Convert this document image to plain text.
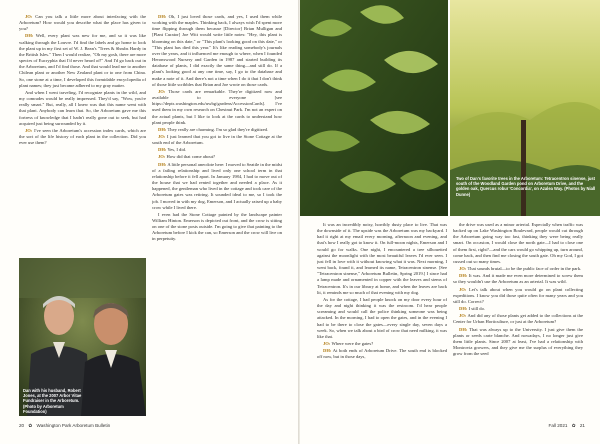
JO: Can you talk a little more about interfacing with the Arboretum? How would you describe what the place has given to you?

DH: Well, every plant was new for me, and so it was like walking through the Louvre. I'd find the labels and go home to look the plant up in my first set of W. J. Bean's "Trees & Shrubs Hardy in the British Isles." Then I would realize, "Oh my gosh, there are more species of Eucryphia that I'd never heard of!" And I'd go back out in the Arboretum, and I'd find those. And that would lead me to another Chilean plant or another New Zealand plant or to one from China. So, one stone at a time, I developed this formidable encyclopedia of plant names; they just became adhered to my gray matter.

And when I went traveling, I'd recognize plants in the wild, and my comrades would be really impressed. They'd say, "Wow, you're really smart." But, really, all I knew was that this name went with that plant. Anybody can learn that. So, the Arboretum gave me this fortress of knowledge that I hadn't really gone out to seek, but had acquired just being surrounded by it.

JO: I've seen the Arboretum's accession index cards, which are the sort of the life history of each plant in the collection. Did you ever use them?

DH: Oh, I just loved those cards, and yes, I used them while working with the maples. Thinking back, I always wish I'd spent more time flipping through them because [Director] Brian Mulligan and [Plant Curator] Joe Witt would write little notes: "Hey, this plant is blooming on this date," or "This plant's looking good on this date," or "This plant has died this year." It's like reading somebody's journals over the years, and it influenced me enough to where, when I founded Heronswood Nursery and Garden in 1987 and started building its database of plants, I did exactly the same thing—and still do. If a plant's looking good at any one time, say, I go to the database and make a note of it. And there's not a time when I do it that I don't think of those little scribbles that Brian and Joe wrote on those cards.

JO: Those cards are remarkable. They're digitized now and available to everyone [see https://depts.washington.edu/uwbg/gardens/AccessionCards]. I've used them in my own research on Chestnut Park. I'm not an expert on the actual plants, but I like to look at the cards to understand how plant people think.

DH: They really are charming. I'm so glad they're digitized.

JO: I just learned that you got to live in the Stone Cottage at the south end of the Arboretum.

DH: Yes, I did.

JO: How did that come about?

DH: A little personal anecdote here: I moved to Seattle in the midst of a failing relationship and lived only one school term in that relationship before it fell apart. In January 1984, I had to move out of the house that we had rented together and needed a place. As it happened, the gentleman who lived in the cottage and took care of the Arboretum gates was retiring. It sounded ideal to me, so I took the job. I moved in with my dog, Emerson, and I actually raised up a baby crow while I lived there.

I even had the Stone Cottage painted by the landscape painter William Hinton. Emerson is depicted out front, and the crow is sitting on one of the stone posts outside. I'm going to give that painting to the Arboretum before I kick the can, so Emerson and the crow will live on in perpetuity.

Dan with his husband, Robert Jones, at the 2007 Arbor Vitae Fundraiser in the Arboretum. (Photo by Arboretum Foundation)
20 ✿ Washington Park Arboretum Bulletin
Two of Dan's favorite trees in the Arboretum: Tetracentron sinense, just south of the Woodland Garden pond on Arboretum Drive, and the golden oak, Quercus robur 'Concordia', on Azalea Way. (Photos by Niall Dunne)

It was an incredibly noisy, horribly dusty place to live. That was the downside of it. The upside was the Arboretum was my backyard. I had it right at my email every morning, afternoon and evening, and that's how I really got to know it. On full-moon nights, Emerson and I would go for walks. One night, I encountered a tree silhouetted against the moonlight with the most beautiful leaves I'd ever seen. I just fell in love with it without knowing what it was. Next morning, I went back, found it, and learned its name, Tetracentron sinense. [See "Tetracentron sinense," Arboretum Bulletin, Spring 2019.] I since had a lamp made and ornamented in copper with the leaves and stems of Tetracentron. It's in our library at home, and when the leaves are back lit, it reminds me so much of that evening with my dog.

As for the cottage, I had people knock on my door every hour of the day and night thinking it was the restroom. I'd hear people screaming and would call the police thinking someone was being attacked. In the morning, I had to open the gates, and in the evening I had to be there to close the gates—every single day, seven days a week. So, when we talk about a bird of crow that need milking, it was like that.

JO: Where were the gates?

DH: At both ends of Arboretum Drive. The south end is blocked off now, but in those days,

the drive was used as a minor arterial. Especially when traffic was backed up on Lake Washington Boulevard, people would cut through the Arboretum going way too fast, thinking they were being really smart. On occasion, I would close the north gate—I had to close one of them first, right?—and the cars would go whipping up, turn around, come back, and then find me closing the south gate. Oh my God, I got cussed out so many times.

JO: That sounds brutal—to be the public face of order in the park.

DH: It was. And it made me even more determined to screw them so they wouldn't use the Arboretum as an arterial. It was wild.

JO: Let's talk about when you would go on plant collecting expeditions. I know you did those quite often for many years and you still do. Correct?

DH: I still do.

JO: And did any of those plants get added to the collections at the Center for Urban Horticulture, or just at the Arboretum?

DH: That was always up to the University. I just give them the plants or seeds carte blanche. And nowadays, I no longer just give them little plants. Since 2007 at least, I've had a relationship with Montrovia growers, and they give me the surplus of everything they grow from the seed

Fall 2021 ✿ 21
